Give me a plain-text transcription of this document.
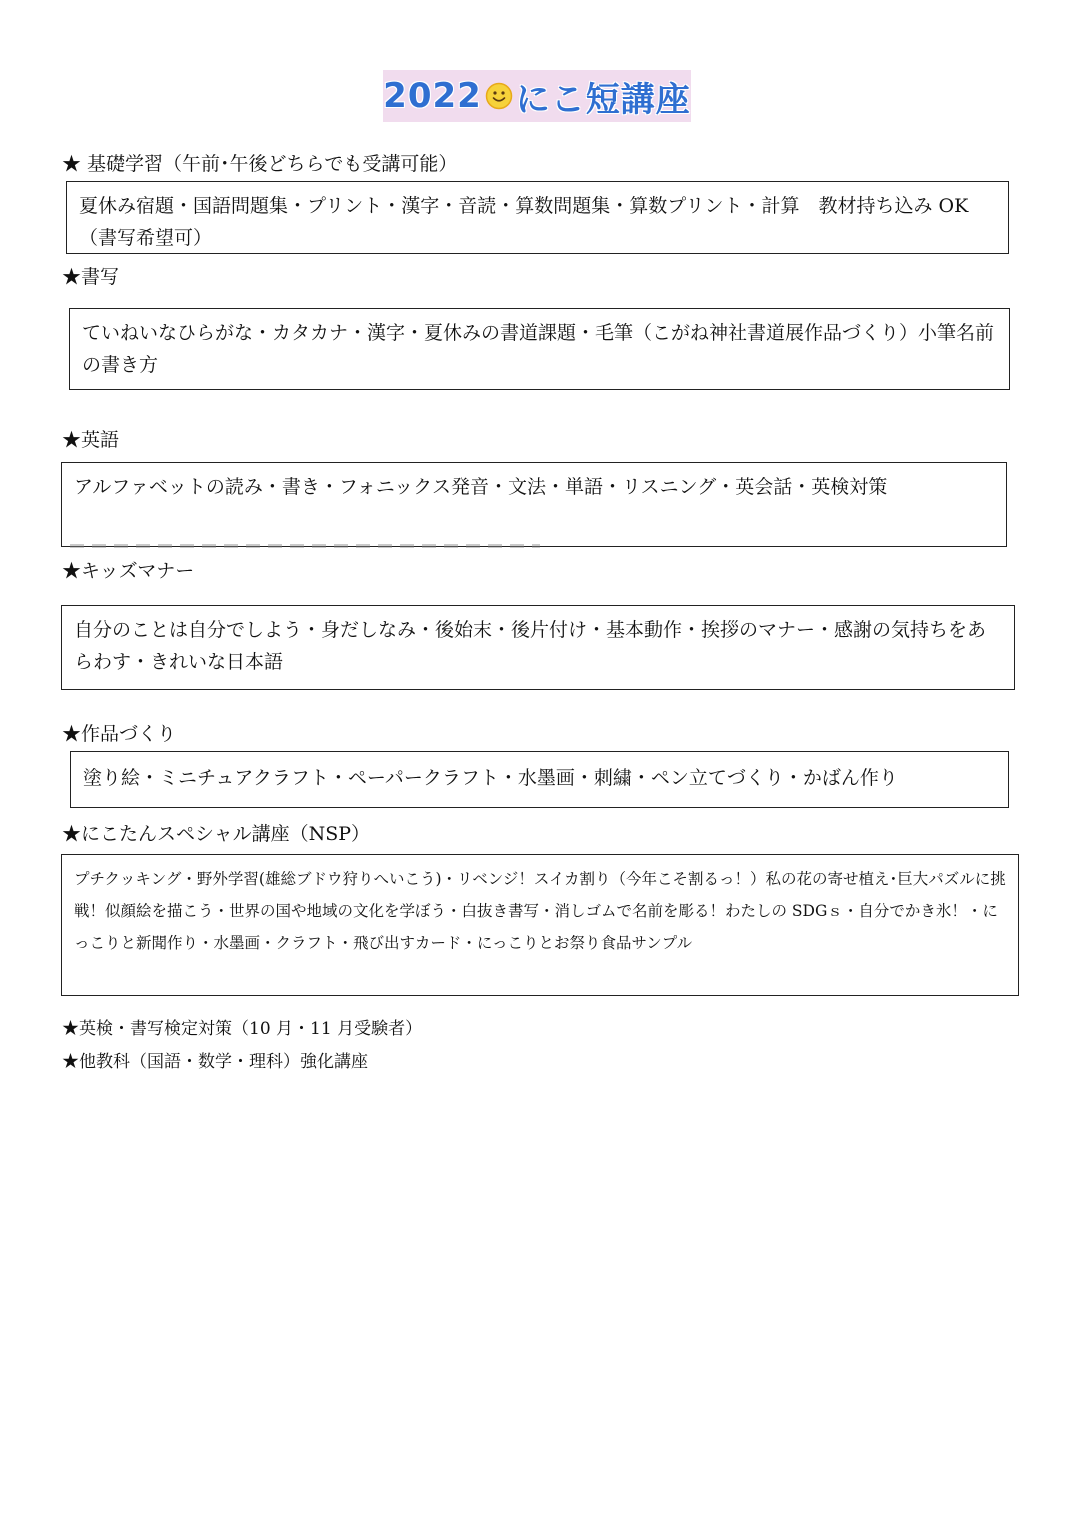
2022 にこ短講座
★ 基礎学習（午前･午後どちらでも受講可能）
夏休み宿題・国語問題集・プリント・漢字・音読・算数問題集・算数プリント・計算　教材持ち込み OK　（書写希望可）
★書写
ていねいなひらがな・カタカナ・漢字・夏休みの書道課題・毛筆（こがね神社書道展作品づくり）小筆名前の書き方
★英語
アルファベットの読み・書き・フォニックス発音・文法・単語・リスニング・英会話・英検対策
★キッズマナー
自分のことは自分でしよう・身だしなみ・後始末・後片付け・基本動作・挨拶のマナー・感謝の気持ちをあらわす・きれいな日本語
★作品づくり
塗り絵・ミニチュアクラフト・ペーパークラフト・水墨画・刺繍・ペン立てづくり・かばん作り
★にこたんスペシャル講座（NSP）
プチクッキング・野外学習(雄総ブドウ狩りへいこう)・リベンジ！スイカ割り（今年こそ割るっ！）私の花の寄せ植え･巨大パズルに挑戦！似顔絵を描こう・世界の国や地域の文化を学ぼう・白抜き書写・消しゴムで名前を彫る！わたしの SDGｓ・自分でかき氷！・にっこりと新聞作り・水墨画・クラフト・飛び出すカード・にっこりとお祭り食品サンプル
★英検・書写検定対策（10 月・11 月受験者）
★他教科（国語・数学・理科）強化講座
